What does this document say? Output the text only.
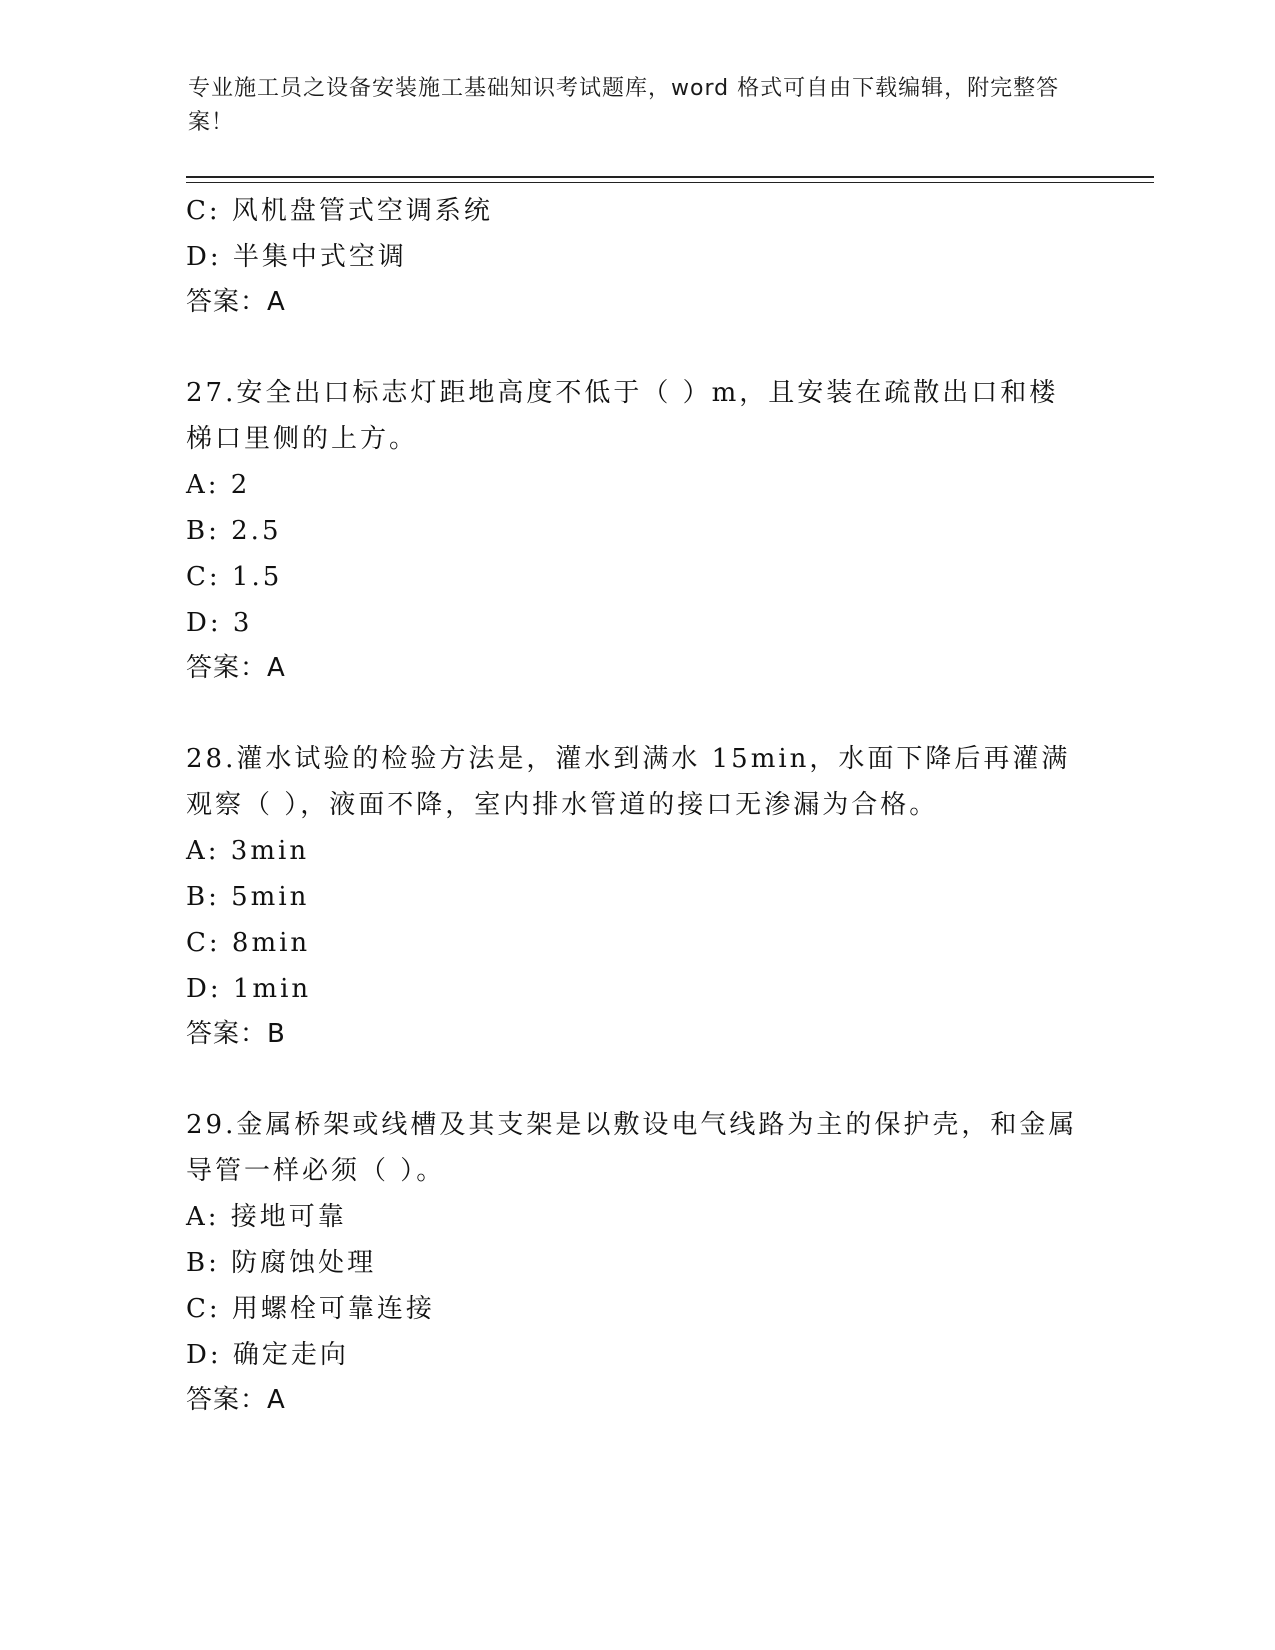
专业施工员之设备安装施工基础知识考试题库，word 格式可自由下载编辑，附完整答案！
C: 风机盘管式空调系统
D: 半集中式空调
答案：A
27.安全出口标志灯距地高度不低于（ ）m，且安装在疏散出口和楼梯口里侧的上方。
A: 2
B: 2.5
C: 1.5
D: 3
答案：A
28.灌水试验的检验方法是，灌水到满水 15min，水面下降后再灌满观察（ ），液面不降，室内排水管道的接口无渗漏为合格。
A: 3min
B: 5min
C: 8min
D: 1min
答案：B
29.金属桥架或线槽及其支架是以敷设电气线路为主的保护壳，和金属导管一样必须（ ）。
A: 接地可靠
B: 防腐蚀处理
C: 用螺栓可靠连接
D: 确定走向
答案：A
